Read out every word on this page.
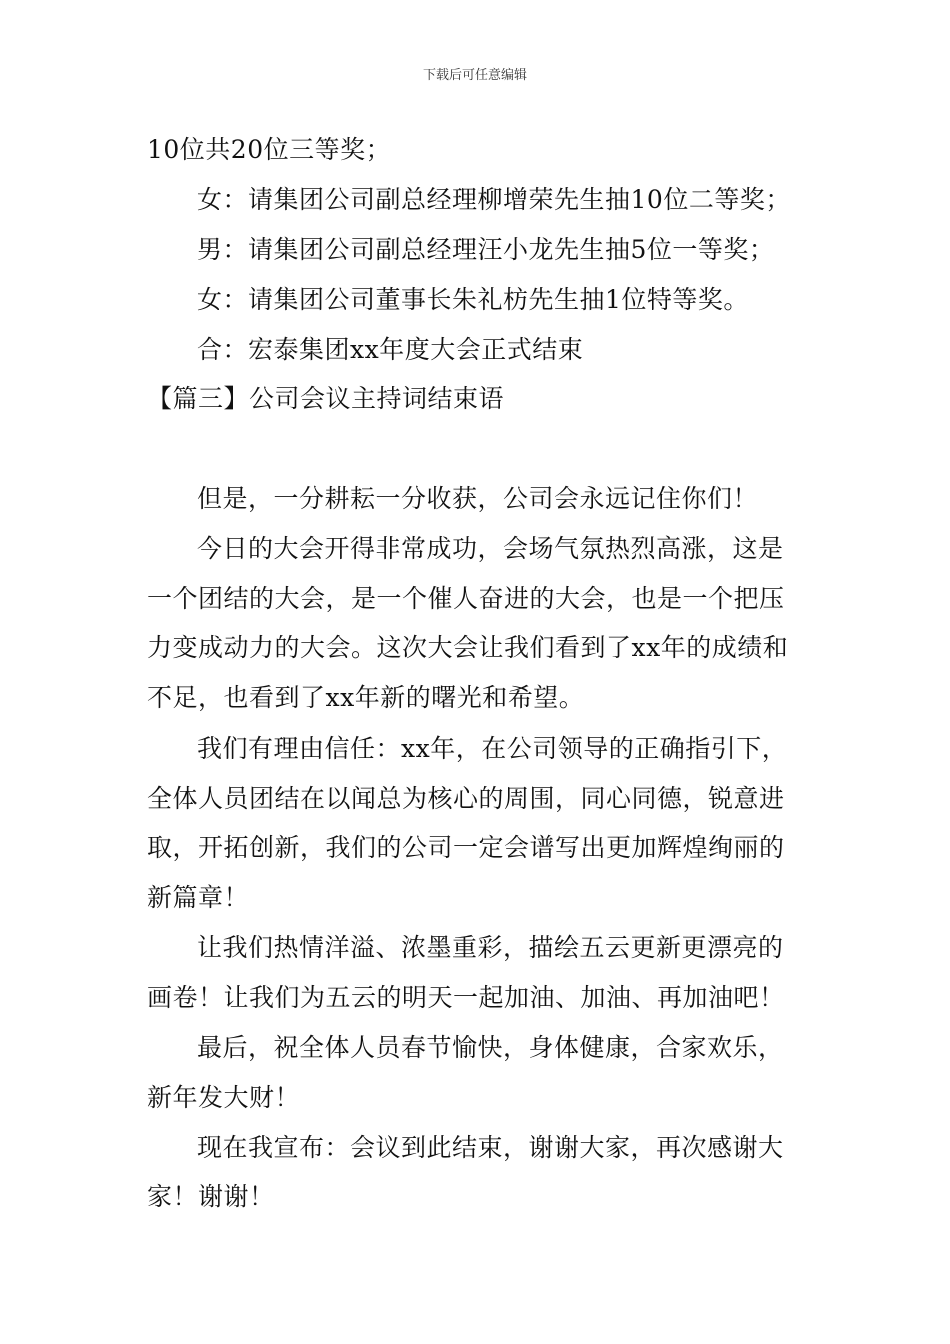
下载后可任意编辑

10位共20位三等奖；

女：请集团公司副总经理柳增荣先生抽10位二等奖；

男：请集团公司副总经理汪小龙先生抽5位一等奖；

女：请集团公司董事长朱礼枋先生抽1位特等奖。

合：宏泰集团xx年度大会正式结束

【篇三】公司会议主持词结束语

但是，一分耕耘一分收获，公司会永远记住你们！

今日的大会开得非常成功，会场气氛热烈高涨，这是

一个团结的大会，是一个催人奋进的大会，也是一个把压

力变成动力的大会。这次大会让我们看到了xx年的成绩和

不足，也看到了xx年新的曙光和希望。

我们有理由信任：xx年，在公司领导的正确指引下，

全体人员团结在以闻总为核心的周围，同心同德，锐意进

取，开拓创新，我们的公司一定会谱写出更加辉煌绚丽的

新篇章！

让我们热情洋溢、浓墨重彩，描绘五云更新更漂亮的

画卷！让我们为五云的明天一起加油、加油、再加油吧！

最后，祝全体人员春节愉快，身体健康，合家欢乐，

新年发大财！

现在我宣布：会议到此结束，谢谢大家，再次感谢大

家！谢谢！
